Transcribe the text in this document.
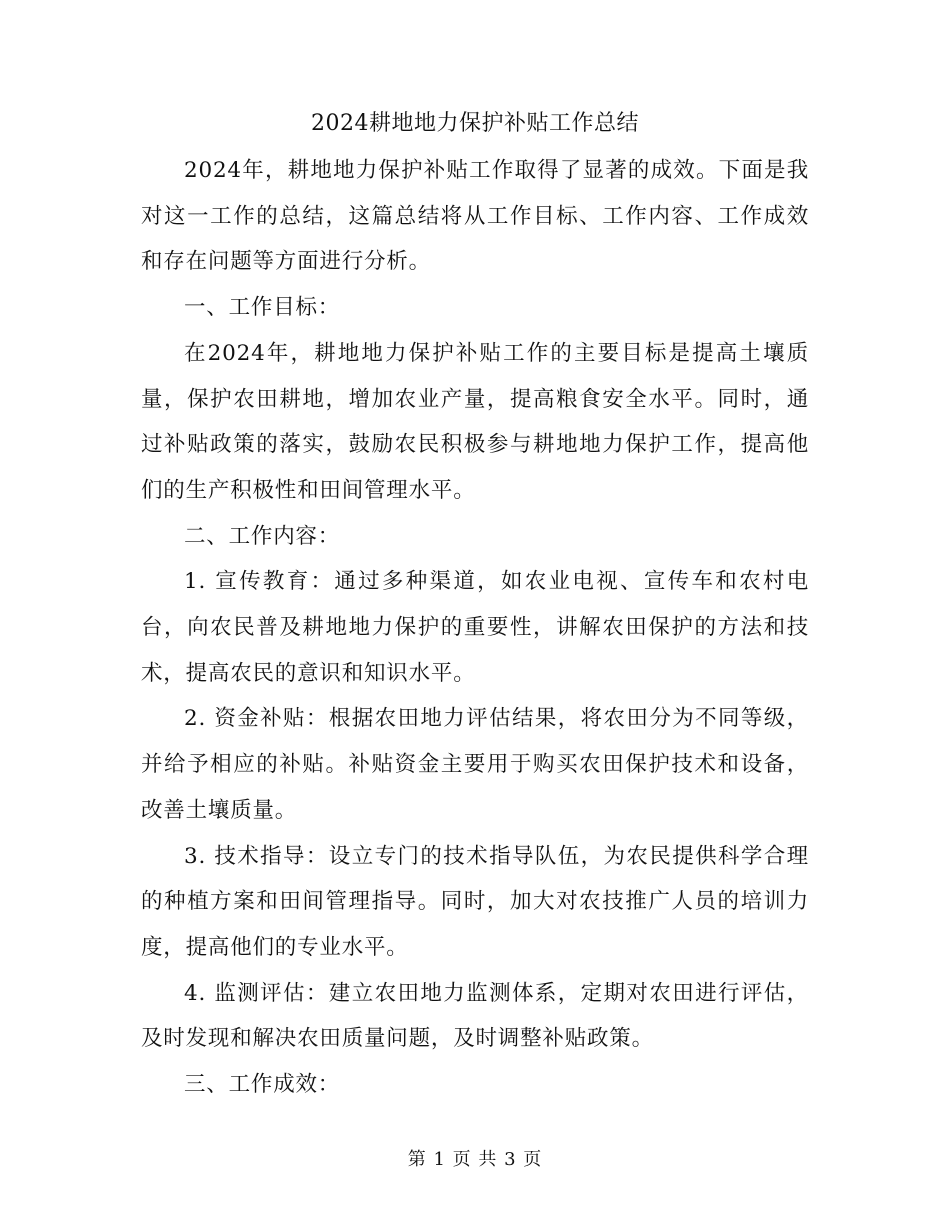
2024耕地地力保护补贴工作总结

2024年，耕地地力保护补贴工作取得了显著的成效。下面是我对这一工作的总结，这篇总结将从工作目标、工作内容、工作成效和存在问题等方面进行分析。

一、工作目标：

在2024年，耕地地力保护补贴工作的主要目标是提高土壤质量，保护农田耕地，增加农业产量，提高粮食安全水平。同时，通过补贴政策的落实，鼓励农民积极参与耕地地力保护工作，提高他们的生产积极性和田间管理水平。

二、工作内容：

1. 宣传教育：通过多种渠道，如农业电视、宣传车和农村电台，向农民普及耕地地力保护的重要性，讲解农田保护的方法和技术，提高农民的意识和知识水平。

2. 资金补贴：根据农田地力评估结果，将农田分为不同等级，并给予相应的补贴。补贴资金主要用于购买农田保护技术和设备，改善土壤质量。

3. 技术指导：设立专门的技术指导队伍，为农民提供科学合理的种植方案和田间管理指导。同时，加大对农技推广人员的培训力度，提高他们的专业水平。

4. 监测评估：建立农田地力监测体系，定期对农田进行评估，及时发现和解决农田质量问题，及时调整补贴政策。

三、工作成效：

第 1 页 共 3 页
